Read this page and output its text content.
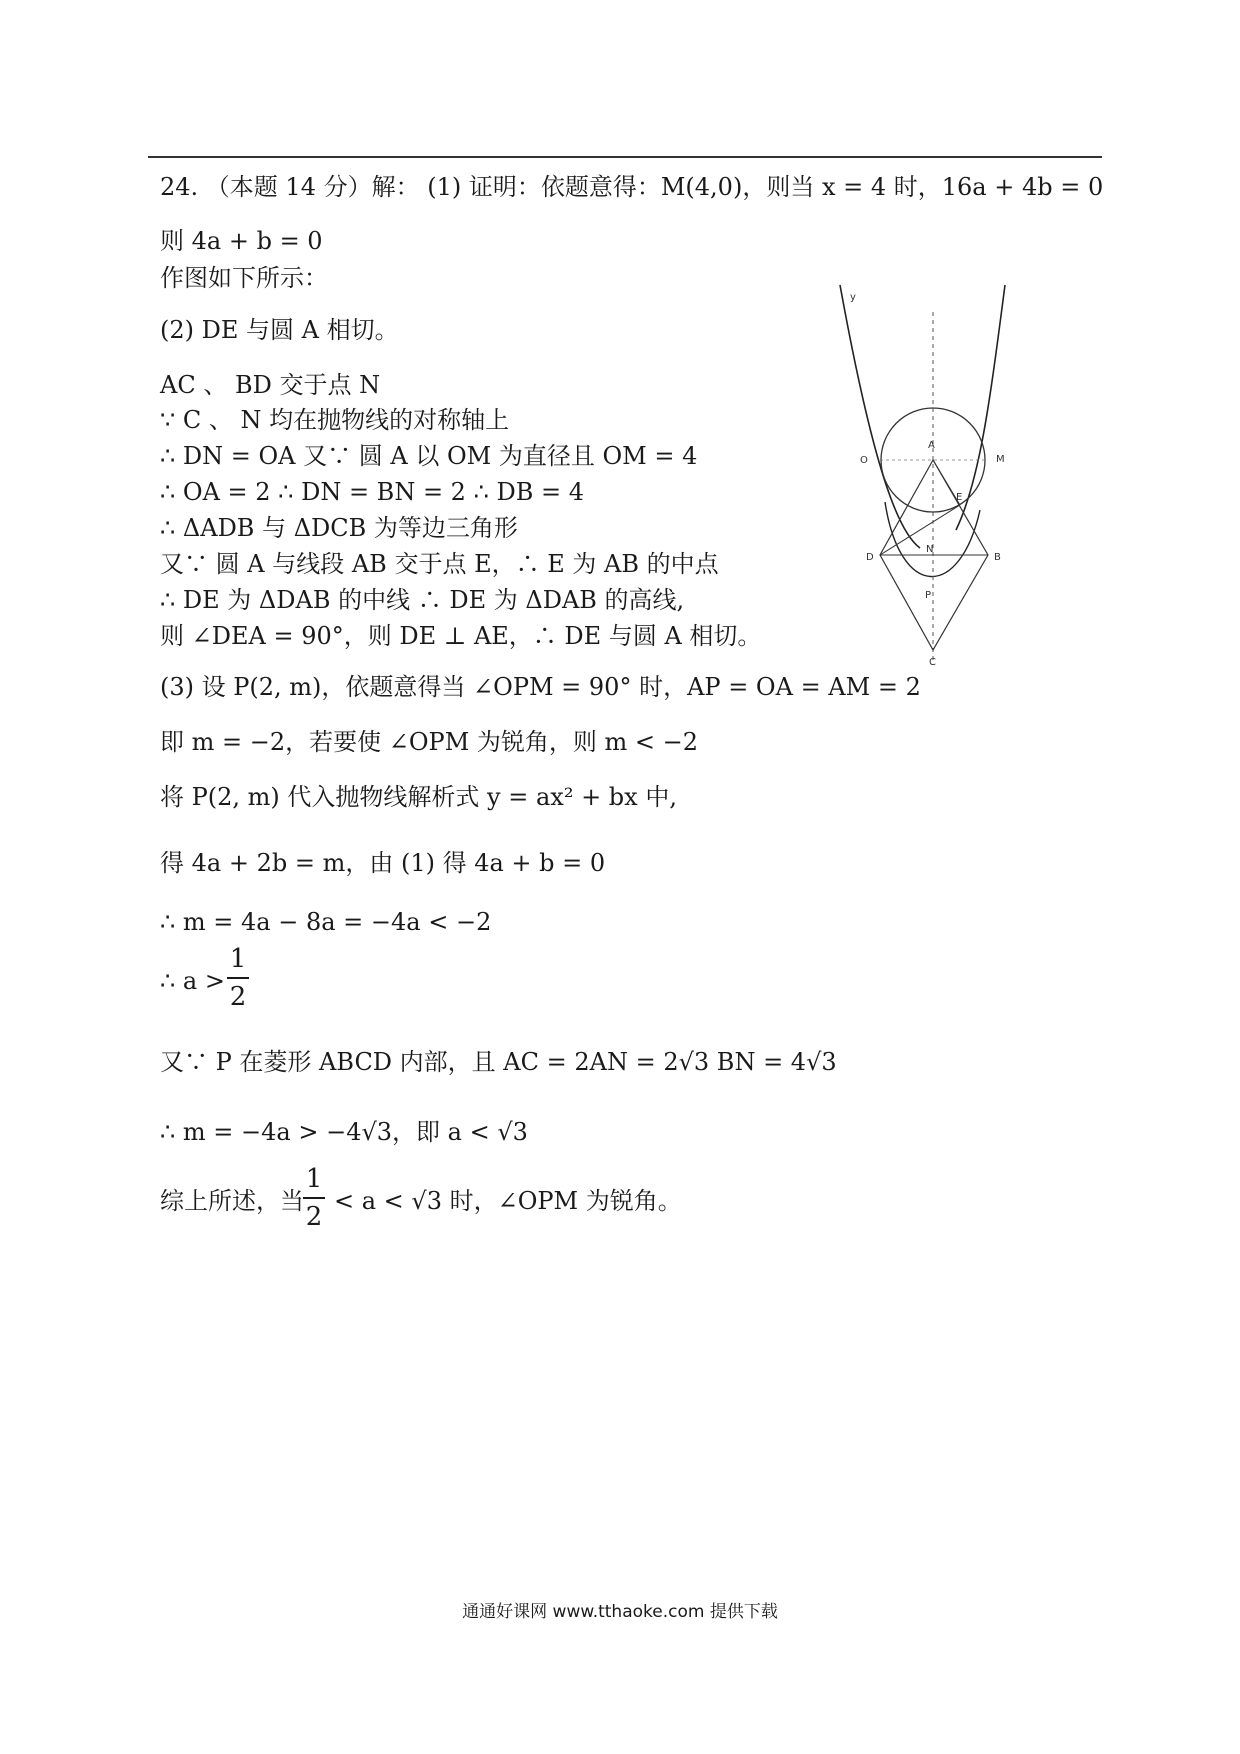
24. （本题 14 分）解： (1) 证明：依题意得：M(4,0)，则当 x = 4 时，16a + 4b = 0
则 4a + b = 0
作图如下所示：
(2) DE 与圆 A 相切。
AC 、 BD 交于点 N
∵ C 、 N 均在抛物线的对称轴上
∴ DN = OA 又∵ 圆 A 以 OM 为直径且 OM = 4
∴ OA = 2 ∴ DN = BN = 2 ∴ DB = 4
∴ ΔADB 与 ΔDCB 为等边三角形
又∵ 圆 A 与线段 AB 交于点 E，∴ E 为 AB 的中点
∴ DE 为 ΔDAB 的中线 ∴ DE 为 ΔDAB 的高线,
则 ∠DEA = 90°，则 DE ⊥ AE，∴ DE 与圆 A 相切。
(3) 设 P(2, m)，依题意得当 ∠OPM = 90° 时，AP = OA = AM = 2
即 m = −2，若要使 ∠OPM 为锐角，则 m < −2
将 P(2, m) 代入抛物线解析式 y = ax² + bx 中,
得 4a + 2b = m，由 (1) 得 4a + b = 0
∴ m = 4a − 8a = −4a < −2
∴ a >
1
2
又∵ P 在菱形 ABCD 内部，且 AC = 2AN = 2√3 BN = 4√3
∴ m = −4a > −4√3，即 a < √3
综上所述，当
1
2
< a < √3 时，∠OPM 为锐角。
y
A
O	M
E
D	B
N
P
C
通通好课网 www.tthaoke.com 提供下载
